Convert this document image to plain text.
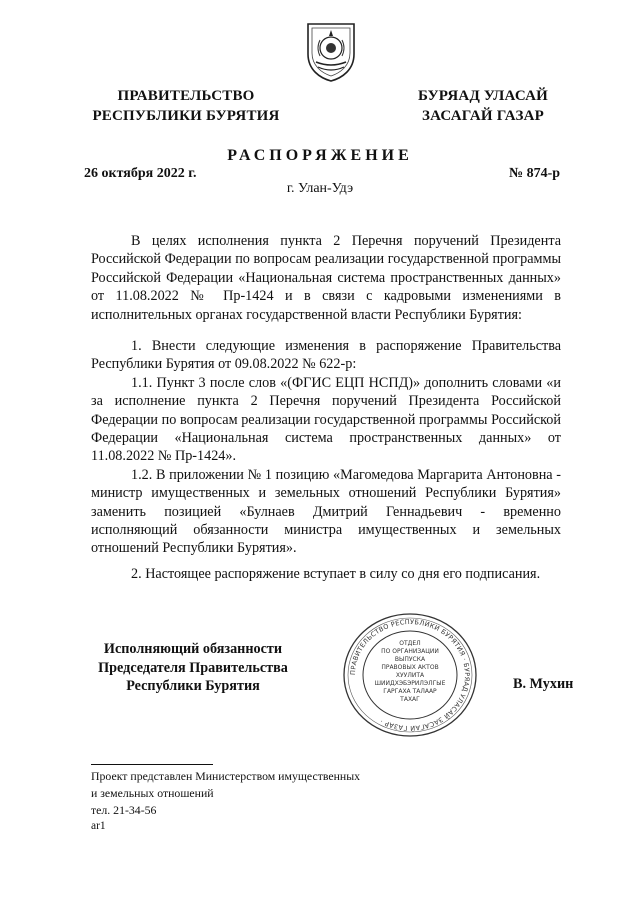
ПРАВИТЕЛЬСТВО
РЕСПУБЛИКИ БУРЯТИЯ
БУРЯАД УЛАСАЙ
ЗАСАГАЙ ГАЗАР
РАСПОРЯЖЕНИЕ
26 октября 2022 г.	№ 874-р
г. Улан-Удэ

В целях исполнения пункта 2 Перечня поручений Президента Российской Федерации по вопросам реализации государственной программы Российской Федерации «Национальная система пространственных данных» от 11.08.2022 № Пр-1424 и в связи с кадровыми изменениями в исполнительных органах государственной власти Республики Бурятия:

1. Внести следующие изменения в распоряжение Правительства Республики Бурятия от 09.08.2022 № 622-р:

1.1. Пункт 3 после слов «(ФГИС ЕЦП НСПД)» дополнить словами «и за исполнение пункта 2 Перечня поручений Президента Российской Федерации по вопросам реализации государственной программы Российской Федерации «Национальная система пространственных данных» от 11.08.2022 № Пр-1424».

1.2. В приложении № 1 позицию «Магомедова Маргарита Антоновна - министр имущественных и земельных отношений Республики Бурятия» заменить позицией «Булнаев Дмитрий Геннадьевич - временно исполняющий обязанности министра имущественных и земельных отношений Республики Бурятия».

2. Настоящее распоряжение вступает в силу со дня его подписания.

Исполняющий обязанности
Председателя Правительства
Республики Бурятия
ПРАВИТЕЛЬСТВО РЕСПУБЛИКИ БУРЯТИЯ · БУРЯАД УЛАСАЙ ЗАСАГАЙ ГАЗАР ·
ОТДЕЛ
ПО ОРГАНИЗАЦИИ
ВЫПУСКА
ПРАВОВЫХ АКТОВ
ХУУЛИТА
ШИИДХЭБЭРИЛЭЛГЫЕ
ГАРГАХА ТАЛААР
ТАХАГ
В. Мухин
Проект представлен Министерством имущественных
и земельных отношений
тел. 21-34-56
ar1
